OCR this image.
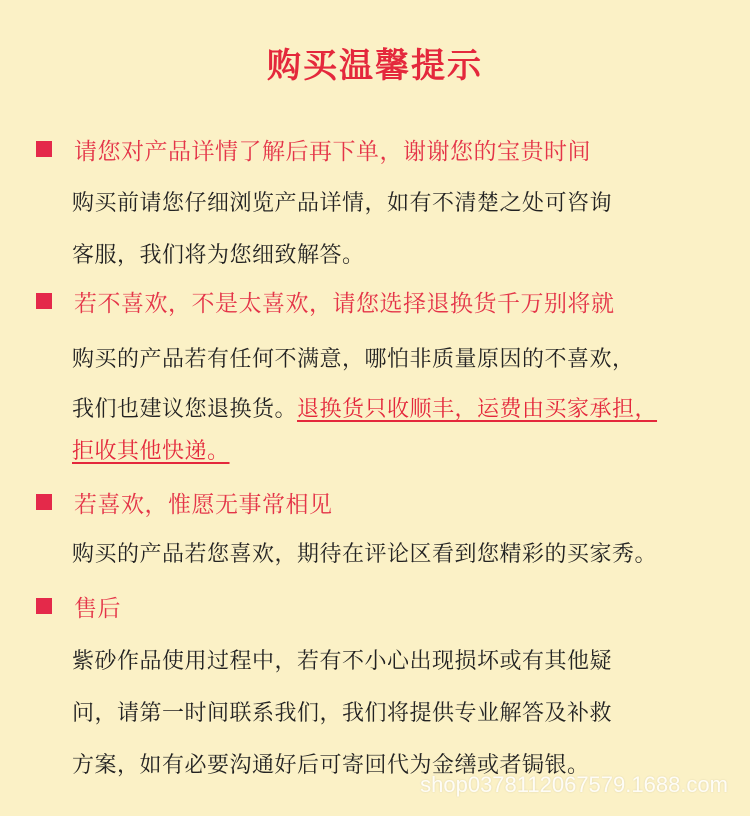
购买温馨提示
请您对产品详情了解后再下单，谢谢您的宝贵时间
购买前请您仔细浏览产品详情，如有不清楚之处可咨询
客服，我们将为您细致解答。
若不喜欢，不是太喜欢，请您选择退换货千万别将就
购买的产品若有任何不满意，哪怕非质量原因的不喜欢，
我们也建议您退换货。退换货只收顺丰，运费由买家承担，
拒收其他快递。
若喜欢，惟愿无事常相见
购买的产品若您喜欢，期待在评论区看到您精彩的买家秀。
售后
紫砂作品使用过程中，若有不小心出现损坏或有其他疑
问，请第一时间联系我们，我们将提供专业解答及补救
方案，如有必要沟通好后可寄回代为金缮或者锔银。
shop0378112067579.1688.com
